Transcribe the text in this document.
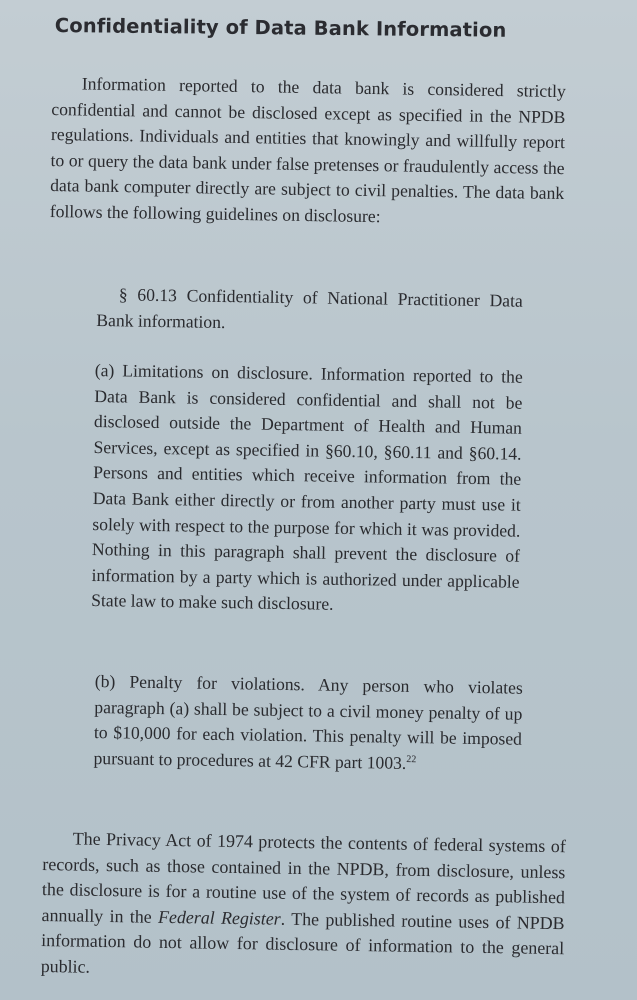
Confidentiality of Data Bank Information

Information reported to the data bank is considered strictly confidential and cannot be disclosed except as specified in the NPDB regulations. Individuals and entities that knowingly and willfully report to or query the data bank under false pretenses or fraudulently access the data bank computer directly are subject to civil penalties. The data bank follows the following guidelines on disclosure:

§ 60.13 Confidentiality of National Practitioner Data Bank information.

(a) Limitations on disclosure. Information reported to the Data Bank is considered confidential and shall not be disclosed outside the Department of Health and Human Services, except as specified in §60.10, §60.11 and §60.14. Persons and entities which receive information from the Data Bank either directly or from another party must use it solely with respect to the purpose for which it was provided. Nothing in this paragraph shall prevent the disclosure of information by a party which is authorized under applicable State law to make such disclosure.

(b) Penalty for violations. Any person who violates paragraph (a) shall be subject to a civil money penalty of up to $10,000 for each violation. This penalty will be imposed pursuant to procedures at 42 CFR part 1003.22

The Privacy Act of 1974 protects the contents of federal systems of records, such as those contained in the NPDB, from disclosure, unless the disclosure is for a routine use of the system of records as published annually in the Federal Register. The published routine uses of NPDB information do not allow for disclosure of information to the general public.
